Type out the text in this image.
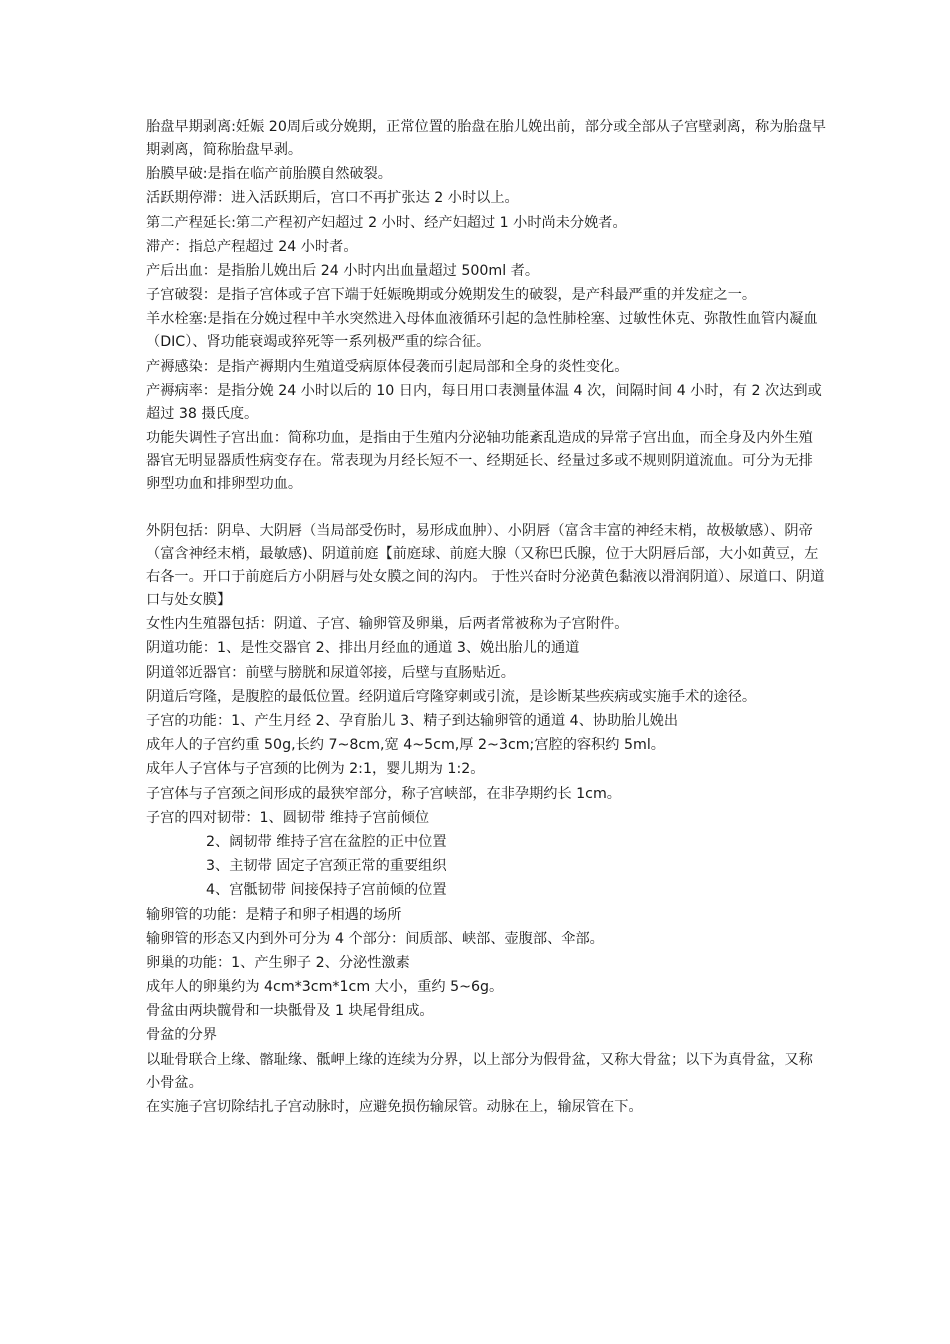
胎盘早期剥离:妊娠 20周后或分娩期，正常位置的胎盘在胎儿娩出前，部分或全部从子宫壁剥离，称为胎盘早期剥离，简称胎盘早剥。

胎膜早破:是指在临产前胎膜自然破裂。

活跃期停滞：进入活跃期后，宫口不再扩张达 2 小时以上。

第二产程延长:第二产程初产妇超过 2 小时、经产妇超过 1 小时尚未分娩者。

滞产：指总产程超过 24 小时者。

产后出血：是指胎儿娩出后 24 小时内出血量超过 500ml 者。

子宫破裂：是指子宫体或子宫下端于妊娠晚期或分娩期发生的破裂，是产科最严重的并发症之一。

羊水栓塞:是指在分娩过程中羊水突然进入母体血液循环引起的急性肺栓塞、过敏性休克、弥散性血管内凝血（DIC）、肾功能衰竭或猝死等一系列极严重的综合征。

产褥感染：是指产褥期内生殖道受病原体侵袭而引起局部和全身的炎性变化。

产褥病率：是指分娩 24 小时以后的 10 日内，每日用口表测量体温 4 次，间隔时间 4 小时，有 2 次达到或超过 38 摄氏度。

功能失调性子宫出血：简称功血，是指由于生殖内分泌轴功能紊乱造成的异常子宫出血，而全身及内外生殖器官无明显器质性病变存在。常表现为月经长短不一、经期延长、经量过多或不规则阴道流血。可分为无排卵型功血和排卵型功血。

外阴包括：阴阜、大阴唇（当局部受伤时，易形成血肿）、小阴唇（富含丰富的神经末梢，故极敏感）、阴帝（富含神经末梢，最敏感)、阴道前庭【前庭球、前庭大腺（又称巴氏腺，位于大阴唇后部，大小如黄豆，左右各一。开口于前庭后方小阴唇与处女膜之间的沟内。 于性兴奋时分泌黄色黏液以滑润阴道）、尿道口、阴道口与处女膜】

女性内生殖器包括：阴道、子宫、输卵管及卵巢，后两者常被称为子宫附件。

阴道功能：1、是性交器官 2、排出月经血的通道 3、娩出胎儿的通道

阴道邻近器官：前壁与膀胱和尿道邻接，后壁与直肠贴近。

阴道后穹隆，是腹腔的最低位置。经阴道后穹隆穿刺或引流，是诊断某些疾病或实施手术的途径。

子宫的功能：1、产生月经 2、孕育胎儿 3、精子到达输卵管的通道 4、协助胎儿娩出

成年人的子宫约重 50g,长约 7~8cm,宽 4~5cm,厚 2~3cm;宫腔的容积约 5ml。

成年人子宫体与子宫颈的比例为 2:1，婴儿期为 1:2。

子宫体与子宫颈之间形成的最狭窄部分，称子宫峡部，在非孕期约长 1cm。

子宫的四对韧带：1、圆韧带 维持子宫前倾位

2、阔韧带 维持子宫在盆腔的正中位置

3、主韧带 固定子宫颈正常的重要组织

4、宫骶韧带 间接保持子宫前倾的位置

输卵管的功能：是精子和卵子相遇的场所

输卵管的形态又内到外可分为 4 个部分：间质部、峡部、壶腹部、伞部。

卵巢的功能：1、产生卵子 2、分泌性激素

成年人的卵巢约为 4cm*3cm*1cm 大小，重约 5~6g。

骨盆由两块髋骨和一块骶骨及 1 块尾骨组成。

骨盆的分界

以耻骨联合上缘、髂耻缘、骶岬上缘的连续为分界，以上部分为假骨盆，又称大骨盆；以下为真骨盆，又称小骨盆。

在实施子宫切除结扎子宫动脉时，应避免损伤输尿管。动脉在上，输尿管在下。
